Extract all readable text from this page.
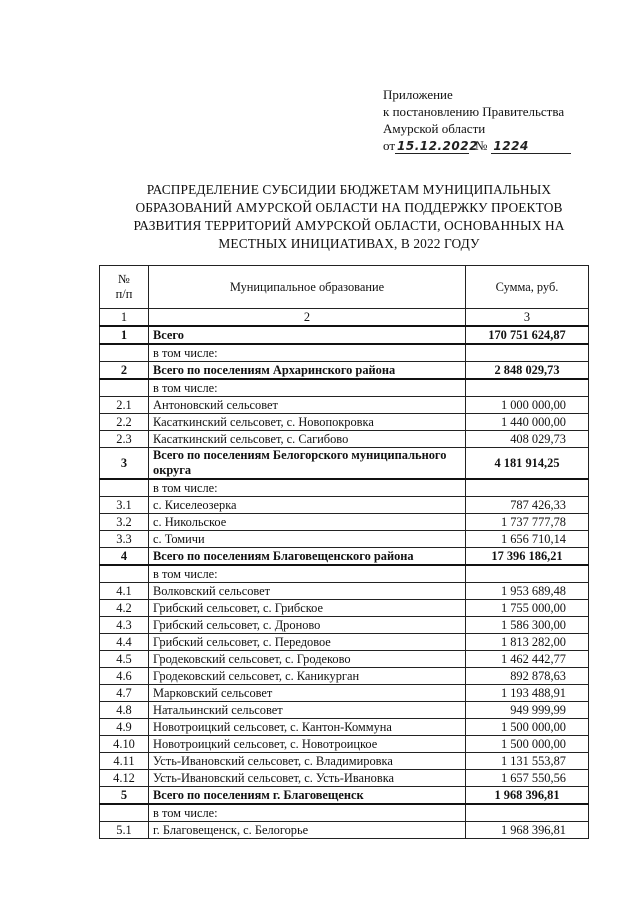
Приложение
к постановлению Правительства
Амурской области
от 15.12.2022
№ 1224
РАСПРЕДЕЛЕНИЕ СУБСИДИИ БЮДЖЕТАМ МУНИЦИПАЛЬНЫХ ОБРАЗОВАНИЙ АМУРСКОЙ ОБЛАСТИ НА ПОДДЕРЖКУ ПРОЕКТОВ РАЗВИТИЯ ТЕРРИТОРИЙ АМУРСКОЙ ОБЛАСТИ, ОСНОВАННЫХ НА МЕСТНЫХ ИНИЦИАТИВАХ, В 2022 ГОДУ
№
п/п	Муниципальное образование	Сумма, руб.
1	2	3
1	Всего	170 751 624,87
	в том числе:	
2	Всего по поселениям Архаринского района	2 848 029,73
	в том числе:	
2.1	Антоновский сельсовет	1 000 000,00
2.2	Касаткинский сельсовет, с. Новопокровка	1 440 000,00
2.3	Касаткинский сельсовет, с. Сагибово	408 029,73
3	Всего по поселениям Белогорского муниципального округа	4 181 914,25
	в том числе:	
3.1	с. Киселеозерка	787 426,33
3.2	с. Никольское	1 737 777,78
3.3	с. Томичи	1 656 710,14
4	Всего по поселениям Благовещенского района	17 396 186,21
	в том числе:	
4.1	Волковский сельсовет	1 953 689,48
4.2	Грибский сельсовет, с. Грибское	1 755 000,00
4.3	Грибский сельсовет, с. Дроново	1 586 300,00
4.4	Грибский сельсовет, с. Передовое	1 813 282,00
4.5	Гродековский сельсовет, с. Гродеково	1 462 442,77
4.6	Гродековский сельсовет, с. Каникурган	892 878,63
4.7	Марковский сельсовет	1 193 488,91
4.8	Натальинский сельсовет	949 999,99
4.9	Новотроицкий сельсовет, с. Кантон-Коммуна	1 500 000,00
4.10	Новотроицкий сельсовет, с. Новотроицкое	1 500 000,00
4.11	Усть-Ивановский сельсовет, с. Владимировка	1 131 553,87
4.12	Усть-Ивановский сельсовет, с. Усть-Ивановка	1 657 550,56
5	Всего по поселениям г. Благовещенск	1 968 396,81
	в том числе:	
5.1	г. Благовещенск, с. Белогорье	1 968 396,81
